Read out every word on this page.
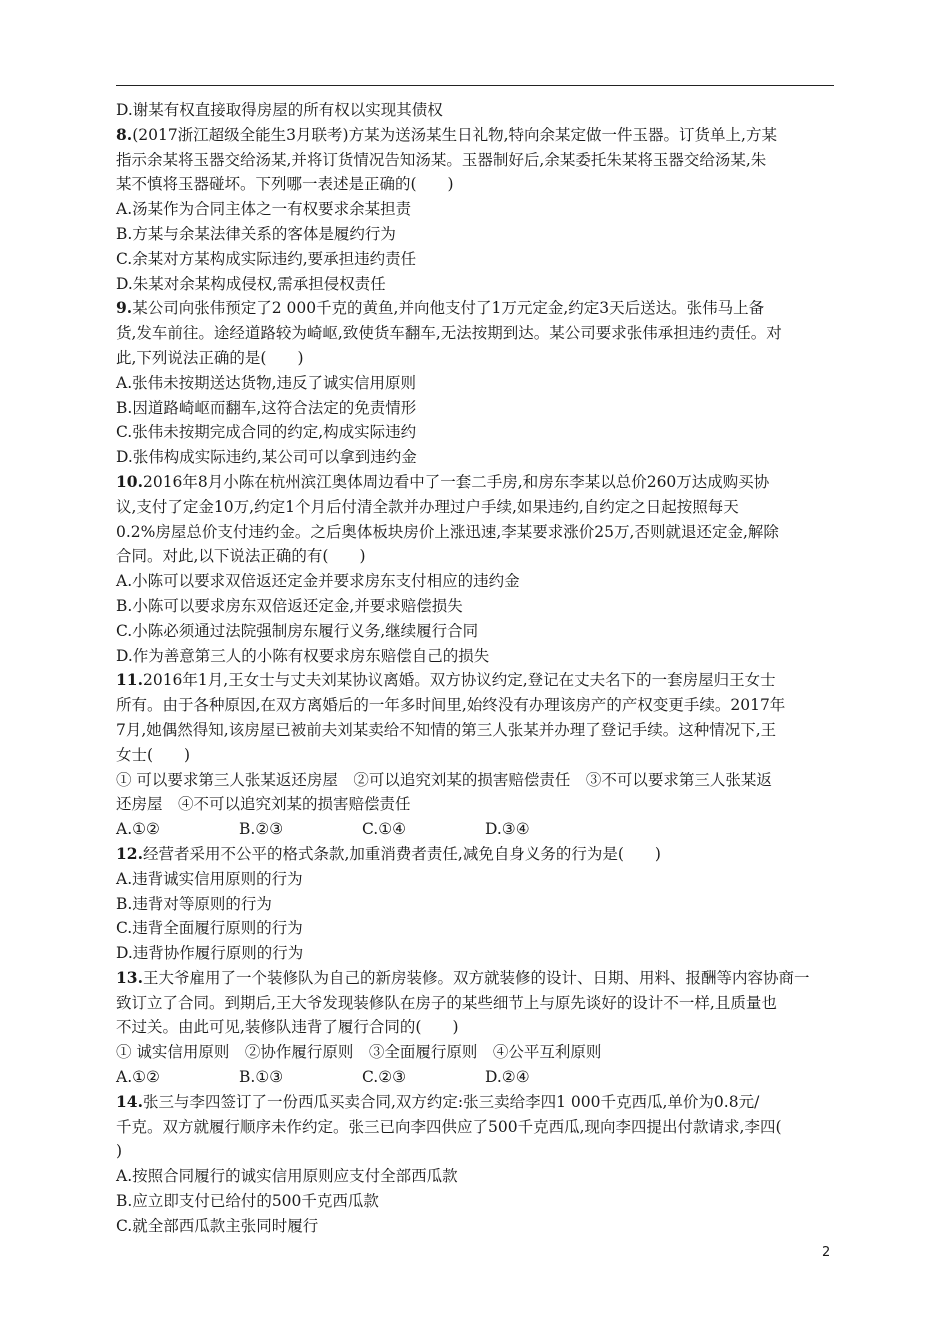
D.谢某有权直接取得房屋的所有权以实现其债权
8.(2017浙江超级全能生3月联考)方某为送汤某生日礼物,特向余某定做一件玉器。订货单上,方某
指示余某将玉器交给汤某,并将订货情况告知汤某。玉器制好后,余某委托朱某将玉器交给汤某,朱
某不慎将玉器碰坏。下列哪一表述是正确的(　　)
A.汤某作为合同主体之一有权要求余某担责
B.方某与余某法律关系的客体是履约行为
C.余某对方某构成实际违约,要承担违约责任
D.朱某对余某构成侵权,需承担侵权责任
9.某公司向张伟预定了2 000千克的黄鱼,并向他支付了1万元定金,约定3天后送达。张伟马上备
货,发车前往。途经道路较为崎岖,致使货车翻车,无法按期到达。某公司要求张伟承担违约责任。对
此,下列说法正确的是(　　)
A.张伟未按期送达货物,违反了诚实信用原则
B.因道路崎岖而翻车,这符合法定的免责情形
C.张伟未按期完成合同的约定,构成实际违约
D.张伟构成实际违约,某公司可以拿到违约金
10.2016年8月小陈在杭州滨江奥体周边看中了一套二手房,和房东李某以总价260万达成购买协
议,支付了定金10万,约定1个月后付清全款并办理过户手续,如果违约,自约定之日起按照每天
0.2%房屋总价支付违约金。之后奥体板块房价上涨迅速,李某要求涨价25万,否则就退还定金,解除
合同。对此,以下说法正确的有(　　)
A.小陈可以要求双倍返还定金并要求房东支付相应的违约金
B.小陈可以要求房东双倍返还定金,并要求赔偿损失
C.小陈必须通过法院强制房东履行义务,继续履行合同
D.作为善意第三人的小陈有权要求房东赔偿自己的损失
11.2016年1月,王女士与丈夫刘某协议离婚。双方协议约定,登记在丈夫名下的一套房屋归王女士
所有。由于各种原因,在双方离婚后的一年多时间里,始终没有办理该房产的产权变更手续。2017年
7月,她偶然得知,该房屋已被前夫刘某卖给不知情的第三人张某并办理了登记手续。这种情况下,王
女士(　　)
① 可以要求第三人张某返还房屋　②可以追究刘某的损害赔偿责任　③不可以要求第三人张某返
还房屋　④不可以追究刘某的损害赔偿责任
A.①②	B.②③	C.①④	D.③④
12.经营者采用不公平的格式条款,加重消费者责任,减免自身义务的行为是(　　)
A.违背诚实信用原则的行为
B.违背对等原则的行为
C.违背全面履行原则的行为
D.违背协作履行原则的行为
13.王大爷雇用了一个装修队为自己的新房装修。双方就装修的设计、日期、用料、报酬等内容协商一
致订立了合同。到期后,王大爷发现装修队在房子的某些细节上与原先谈好的设计不一样,且质量也
不过关。由此可见,装修队违背了履行合同的(　　)
① 诚实信用原则　②协作履行原则　③全面履行原则　④公平互利原则
A.①②	B.①③	C.②③	D.②④
14.张三与李四签订了一份西瓜买卖合同,双方约定:张三卖给李四1 000千克西瓜,单价为0.8元/
千克。双方就履行顺序未作约定。张三已向李四供应了500千克西瓜,现向李四提出付款请求,李四(
)
A.按照合同履行的诚实信用原则应支付全部西瓜款
B.应立即支付已给付的500千克西瓜款
C.就全部西瓜款主张同时履行
2
